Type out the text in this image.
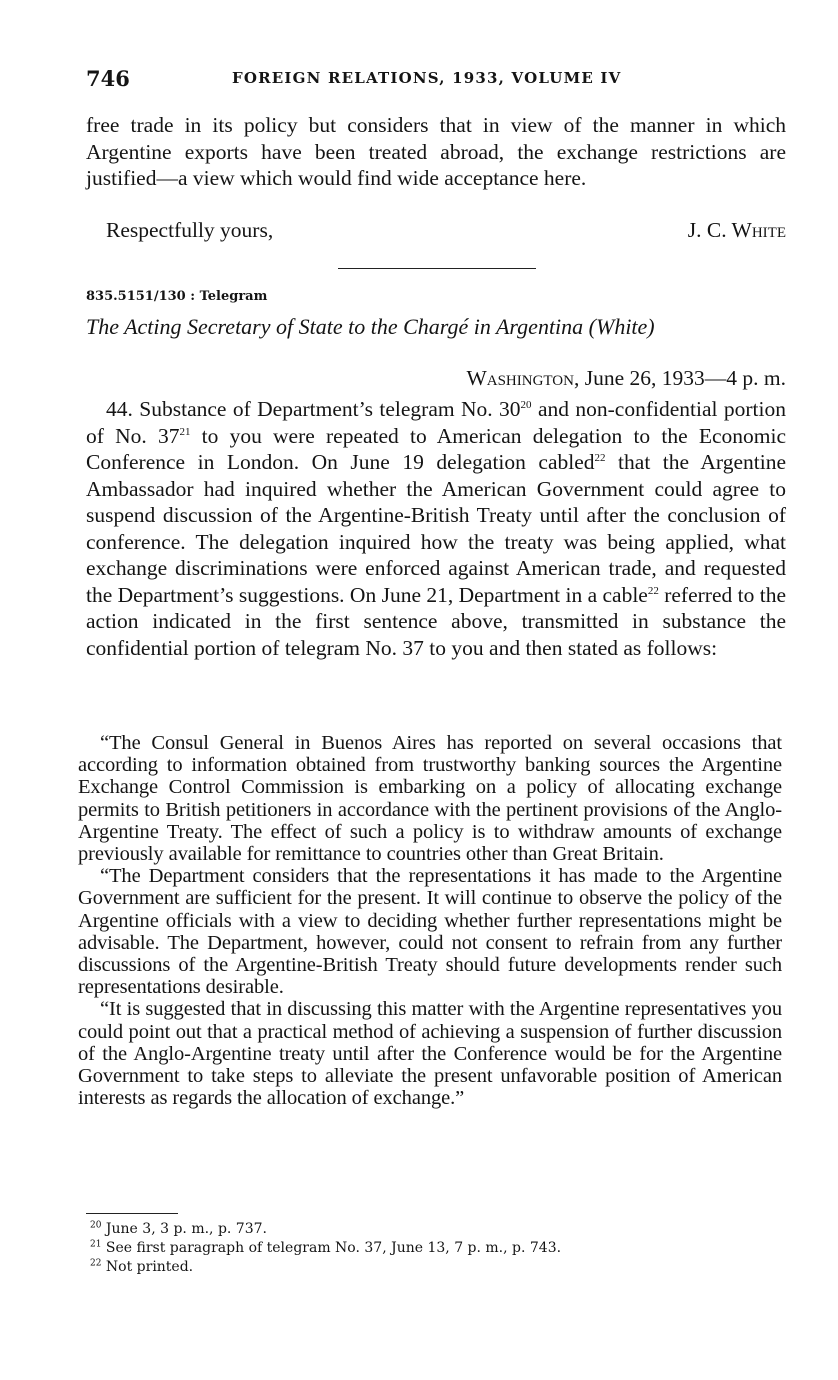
746	FOREIGN RELATIONS, 1933, VOLUME IV

free trade in its policy but considers that in view of the manner in which Argentine exports have been treated abroad, the exchange restrictions are justified—a view which would find wide acceptance here.

Respectfully yours,	J. C. White
835.5151/130 : Telegram
The Acting Secretary of State to the Chargé in Argentina (White)
Washington, June 26, 1933—4 p. m.

44. Substance of Department’s telegram No. $30^{20}$ and non-confidential portion of No. $37^{21}$ to you were repeated to American delegation to the Economic Conference in London. On June 19 delegation cabled$^{22}$ that the Argentine Ambassador had inquired whether the American Government could agree to suspend discussion of the Argentine-British Treaty until after the conclusion of conference. The delegation inquired how the treaty was being applied, what exchange discriminations were enforced against American trade, and requested the Department’s suggestions. On June 21, Department in a cable$^{22}$ referred to the action indicated in the first sentence above, transmitted in substance the confidential portion of telegram No. 37 to you and then stated as follows:

“The Consul General in Buenos Aires has reported on several occasions that according to information obtained from trustworthy banking sources the Argentine Exchange Control Commission is embarking on a policy of allocating exchange permits to British petitioners in accordance with the pertinent provisions of the Anglo-Argentine Treaty. The effect of such a policy is to withdraw amounts of exchange previously available for remittance to countries other than Great Britain.

“The Department considers that the representations it has made to the Argentine Government are sufficient for the present. It will continue to observe the policy of the Argentine officials with a view to deciding whether further representations might be advisable. The Department, however, could not consent to refrain from any further discussions of the Argentine-British Treaty should future developments render such representations desirable.

“It is suggested that in discussing this matter with the Argentine representatives you could point out that a practical method of achieving a suspension of further discussion of the Anglo-Argentine treaty until after the Conference would be for the Argentine Government to take steps to alleviate the present unfavorable position of American interests as regards the allocation of exchange.”

$^{20}$ June 3, 3 p. m., p. 737.

$^{21}$ See first paragraph of telegram No. 37, June 13, 7 p. m., p. 743.

$^{22}$ Not printed.
